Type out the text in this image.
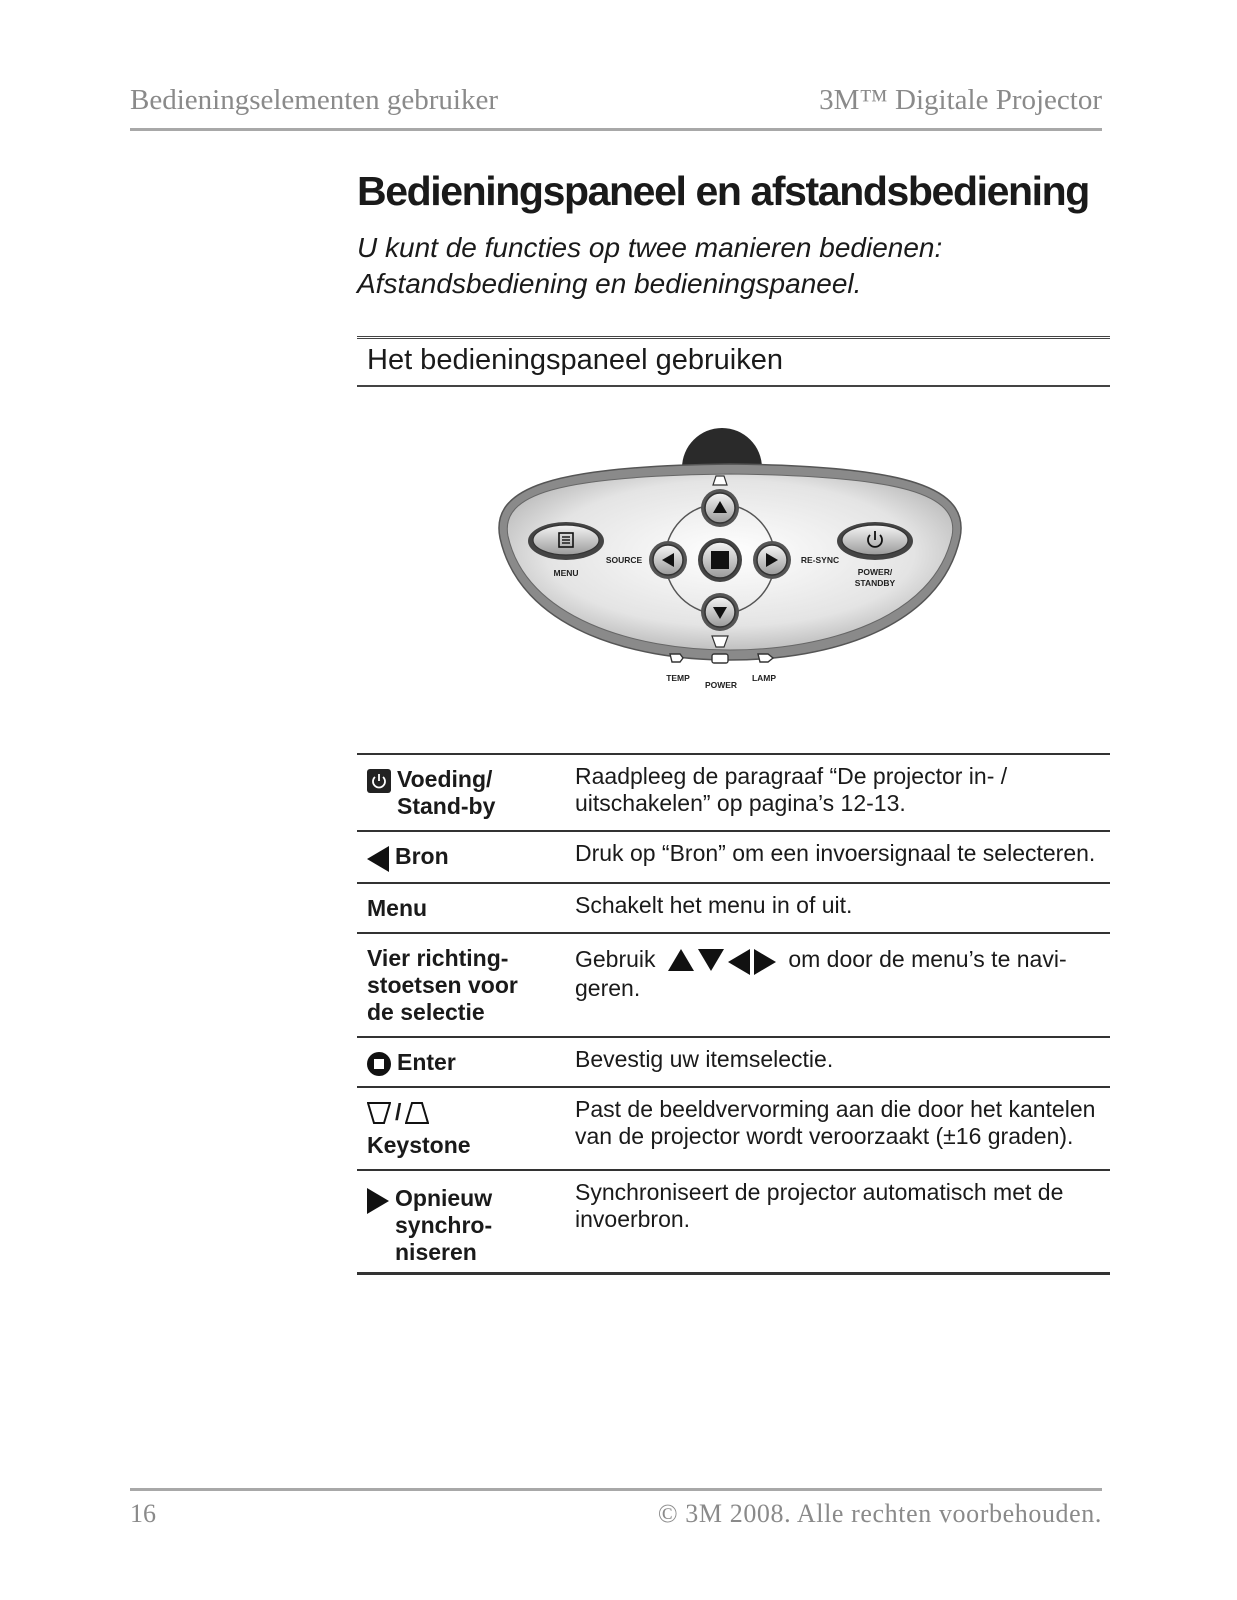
Bedieningselementen gebruiker	3M™ Digitale Projector
Bedieningspaneel en afstandsbediening
U kunt de functies op twee manieren bedienen:
Afstandsbediening en bedieningspaneel.
Het bedieningspaneel gebruiken
MENU
SOURCE	RE-SYNC
POWER/
STANDBY
TEMP
POWER
LAMP
Voeding/
Stand-by	Raadpleeg de paragraaf “De projector in- / uitschakelen” op pagina’s 12-13.

Bron	Druk op “Bron” om een invoersignaal te selecteren.
Menu	Schakelt het menu in of uit.

Vier richting-
stoetsen voor
de selectie	Gebruik om door de menu’s te navi-geren.

Enter	Bevestig uw itemselectie.

/
Keystone	Past de beeldvervorming aan die door het kantelen van de projector wordt veroorzaakt (±16 graden).

Opnieuw
synchro-
niseren	Synchroniseert de projector automatisch met de invoerbron.
16	© 3M 2008. Alle rechten voorbehouden.
